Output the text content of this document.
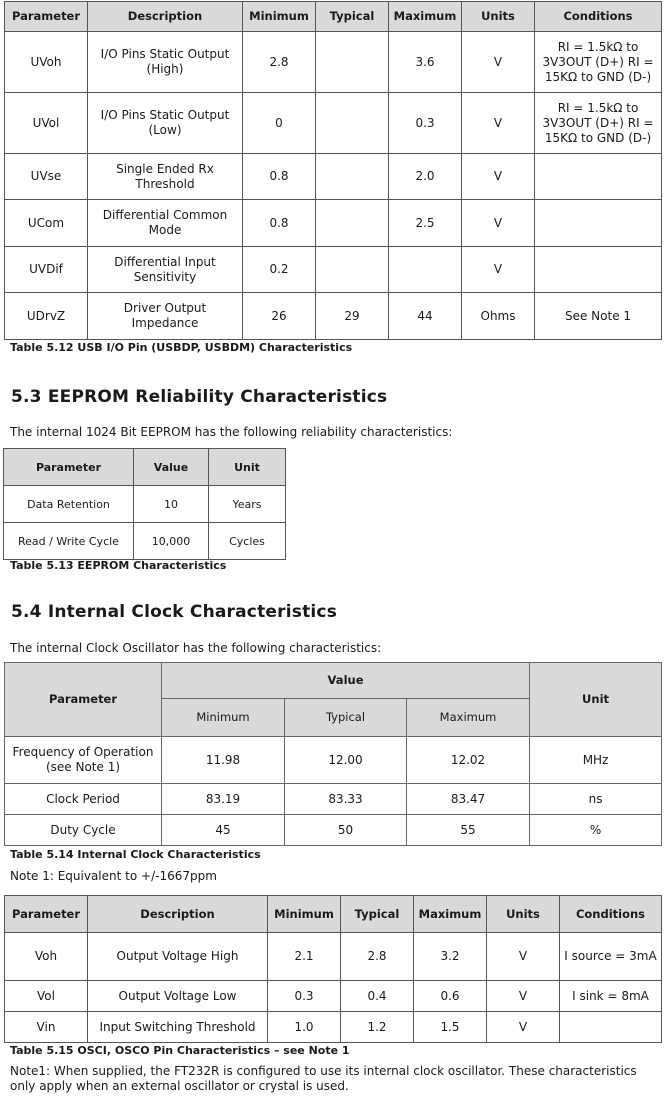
Parameter	Description	Minimum	Typical	Maximum	Units	Conditions
UVoh	I/O Pins Static Output (High)	2.8		3.6	V	RI = 1.5kΩ to 3V3OUT (D+) RI = 15KΩ to GND (D-)
UVol	I/O Pins Static Output (Low)	0		0.3	V	RI = 1.5kΩ to 3V3OUT (D+) RI = 15KΩ to GND (D-)
UVse	Single Ended Rx Threshold	0.8		2.0	V	
UCom	Differential Common Mode	0.8		2.5	V	
UVDif	Differential Input Sensitivity	0.2			V	
UDrvZ	Driver Output Impedance	26	29	44	Ohms	See Note 1
Table 5.12 USB I/O Pin (USBDP, USBDM) Characteristics
5.3 EEPROM Reliability Characteristics
The internal 1024 Bit EEPROM has the following reliability characteristics:
Parameter	Value	Unit
Data Retention	10	Years
Read / Write Cycle	10,000	Cycles
Table 5.13 EEPROM Characteristics
5.4 Internal Clock Characteristics
The internal Clock Oscillator has the following characteristics:
Parameter	Value			Unit
	Minimum	Typical	Maximum	
Frequency of Operation (see Note 1)	11.98	12.00	12.02	MHz
Clock Period	83.19	83.33	83.47	ns
Duty Cycle	45	50	55	%
Table 5.14 Internal Clock Characteristics
Note 1: Equivalent to +/-1667ppm
Parameter	Description	Minimum	Typical	Maximum	Units	Conditions
Voh	Output Voltage High	2.1	2.8	3.2	V	I source = 3mA
Vol	Output Voltage Low	0.3	0.4	0.6	V	I sink = 8mA
Vin	Input Switching Threshold	1.0	1.2	1.5	V	
Table 5.15 OSCI, OSCO Pin Characteristics – see Note 1
Note1: When supplied, the FT232R is configured to use its internal clock oscillator. These characteristics only apply when an external oscillator or crystal is used.
